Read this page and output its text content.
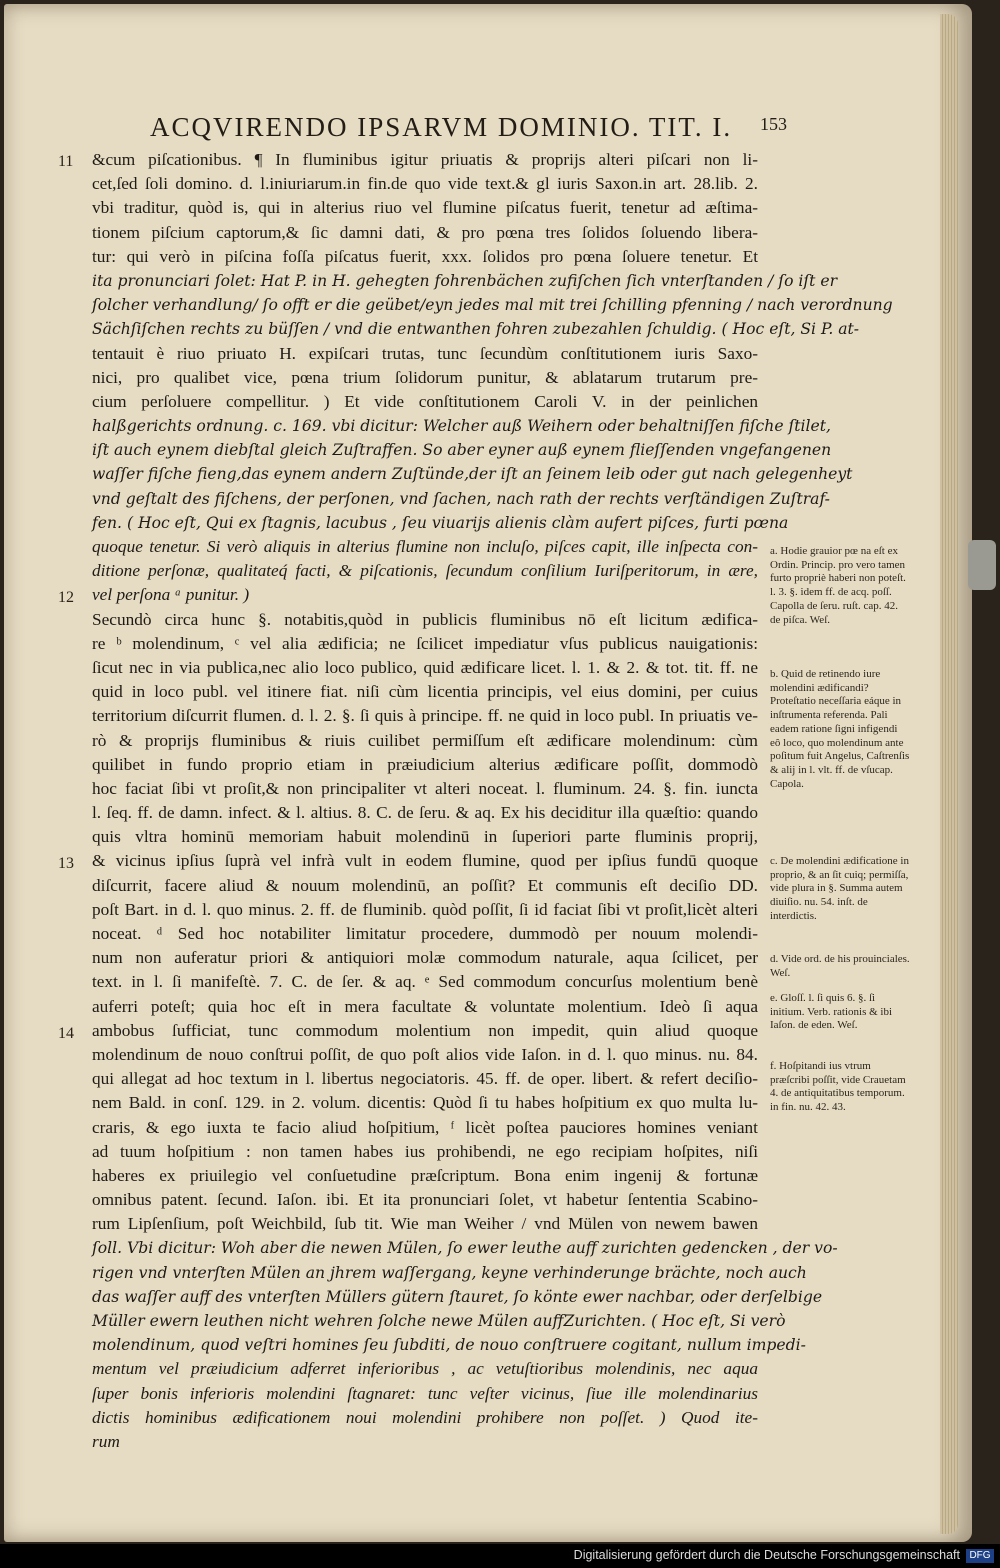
ACQVIRENDO IPSARVM DOMINIO. TIT. I. 153
11
12
13
14
&cum piſcationibus. ¶ In fluminibus igitur priuatis & proprijs alteri piſcari non li-
cet,ſed ſoli domino. d. l.iniuriarum.in fin.de quo vide text.& gl iuris Saxon.in art. 28.lib. 2.
vbi traditur, quòd is, qui in alterius riuo vel flumine piſcatus fuerit, tenetur ad æſtima-
tionem piſcium captorum,& ſic damni dati, & pro pœna tres ſolidos ſoluendo libera-
tur: qui verò in piſcina foſſa piſcatus fuerit, xxx. ſolidos pro pœna ſoluere tenetur. Et
ita pronunciari ſolet: Hat P. in H. gehegten fohrenbächen zufiſchen ſich vnterſtanden / ſo iſt er
ſolcher verhandlung/ ſo offt er die geübet/eyn jedes mal mit trei ſchilling pfenning / nach verordnung
Sächſiſchen rechts zu büſſen / vnd die entwanthen fohren zubezahlen ſchuldig. ( Hoc eſt, Si P. at-
tentauit è riuo priuato H. expiſcari trutas, tunc ſecundùm conſtitutionem iuris Saxo-
nici, pro qualibet vice, pœna trium ſolidorum punitur, & ablatarum trutarum pre-
cium perſoluere compellitur. ) Et vide conſtitutionem Caroli V. in der peinlichen
halßgerichts ordnung. c. 169. vbi dicitur: Welcher auß Weihern oder behaltniſſen fiſche ſtilet,
iſt auch eynem diebſtal gleich Zuſtraffen. So aber eyner auß eynem flieſſenden vngefangenen
waſſer fiſche fieng,das eynem andern Zuſtünde,der iſt an ſeinem leib oder gut nach gelegenheyt
vnd geſtalt des fiſchens, der perſonen, vnd ſachen, nach rath der rechts verſtändigen Zuſtraf-
fen. ( Hoc eſt, Qui ex ſtagnis, lacubus , ſeu viuarijs alienis clàm aufert piſces, furti pœna
quoque tenetur. Si verò aliquis in alterius flumine non incluſo, piſces capit, ille inſpecta con-
ditione perſonæ, qualitateq́ facti, & piſcationis, ſecundum conſilium Iuriſperitorum, in ære,
vel perſona ᵃ punitur. )
Secundò circa hunc §. notabitis,quòd in publicis fluminibus nō eſt licitum ædifica-
re ᵇ molendinum, ᶜ vel alia ædificia; ne ſcilicet impediatur vſus publicus nauigationis:
ſicut nec in via publica,nec alio loco publico, quid ædificare licet. l. 1. & 2. & tot. tit. ff. ne
quid in loco publ. vel itinere fiat. niſi cùm licentia principis, vel eius domini, per cuius
territorium diſcurrit flumen. d. l. 2. §. ſi quis à principe. ff. ne quid in loco publ. In priuatis ve-
rò & proprijs fluminibus & riuis cuilibet permiſſum eſt ædificare molendinum: cùm
quilibet in fundo proprio etiam in præiudicium alterius ædificare poſſit, dommodò
hoc faciat ſibi vt proſit,& non principaliter vt alteri noceat. l. fluminum. 24. §. fin. iuncta
l. ſeq. ff. de damn. infect. & l. altius. 8. C. de ſeru. & aq. Ex his deciditur illa quæſtio: quando
quis vltra hominū memoriam habuit molendinū in ſuperiori parte fluminis proprij,
& vicinus ipſius ſuprà vel infrà vult in eodem flumine, quod per ipſius fundū quoque
diſcurrit, facere aliud & nouum molendinū, an poſſit? Et communis eſt deciſio DD.
poſt Bart. in d. l. quo minus. 2. ff. de fluminib. quòd poſſit, ſi id faciat ſibi vt proſit,licèt alteri
noceat. ᵈ Sed hoc notabiliter limitatur procedere, dummodò per nouum molendi-
num non auferatur priori & antiquiori molæ commodum naturale, aqua ſcilicet, per
text. in l. ſi manifeſtè. 7. C. de ſer. & aq. ᵉ Sed commodum concurſus molentium benè
auferri poteſt; quia hoc eſt in mera facultate & voluntate molentium. Ideò ſi aqua
ambobus ſufficiat, tunc commodum molentium non impedit, quin aliud quoque
molendinum de nouo conſtrui poſſit, de quo poſt alios vide Iaſon. in d. l. quo minus. nu. 84.
qui allegat ad hoc textum in l. libertus negociatoris. 45. ff. de oper. libert. & refert deciſio-
nem Bald. in conſ. 129. in 2. volum. dicentis: Quòd ſi tu habes hoſpitium ex quo multa lu-
craris, & ego iuxta te facio aliud hoſpitium, ᶠ licèt poſtea pauciores homines veniant
ad tuum hoſpitium : non tamen habes ius prohibendi, ne ego recipiam hoſpites, niſi
haberes ex priuilegio vel conſuetudine præſcriptum. Bona enim ingenij & fortunæ
omnibus patent. ſecund. Iaſon. ibi. Et ita pronunciari ſolet, vt habetur ſententia Scabino-
rum Lipſenſium, poſt Weichbild, ſub tit. Wie man Weiher / vnd Mülen von newem bawen
ſoll. Vbi dicitur: Woh aber die newen Mülen, ſo ewer leuthe auff zurichten gedencken , der vo-
rigen vnd vnterſten Mülen an jhrem waſſergang, keyne verhinderunge brächte, noch auch
das waſſer auff des vnterſten Müllers gütern ſtauret, ſo könte ewer nachbar, oder derſelbige
Müller ewern leuthen nicht wehren ſolche newe Mülen auffZurichten. ( Hoc eſt, Si verò
molendinum, quod veſtri homines ſeu ſubditi, de nouo conſtruere cogitant, nullum impedi-
mentum vel præiudicium adferret inferioribus , ac vetuſtioribus molendinis, nec aqua
ſuper bonis inferioris molendini ſtagnaret: tunc veſter vicinus, ſiue ille molendinarius
dictis hominibus ædificationem noui molendini prohibere non poſſet. ) Quod ite-
rum

a. Hodie grauior pœ na eſt ex Ordin. Princip. pro vero tamen furto propriè haberi non poteſt. l. 3. §. idem ff. de acq. poſſ. Capolla de ſeru. ruſt. cap. 42. de piſca. Weſ.

b. Quid de retinendo iure molendini ædificandi? Proteſtatio neceſſaria eáque in inſtrumenta referenda. Pali eadem ratione ſigni infigendi eô loco, quo molendinum ante poſitum fuit Angelus, Caſtrenſis & alij in l. vlt. ff. de vſucap. Capola.

c. De molendini ædificatione in proprio, & an ſit cuiq; permiſſa, vide plura in §. Summa autem diuiſio. nu. 54. inſt. de interdictis.

d. Vide ord. de his prouinciales. Weſ.

e. Gloſſ. l. ſi quis 6. §. ſi initium. Verb. rationis & ibi Iaſon. de eden. Weſ.

f. Hoſpitandi ius vtrum præſcribi poſſit, vide Crauetam 4. de antiquitatibus temporum. in fin. nu. 42. 43.

Digitalisierung gefördert durch die Deutsche Forschungsgemeinschaft DFG
